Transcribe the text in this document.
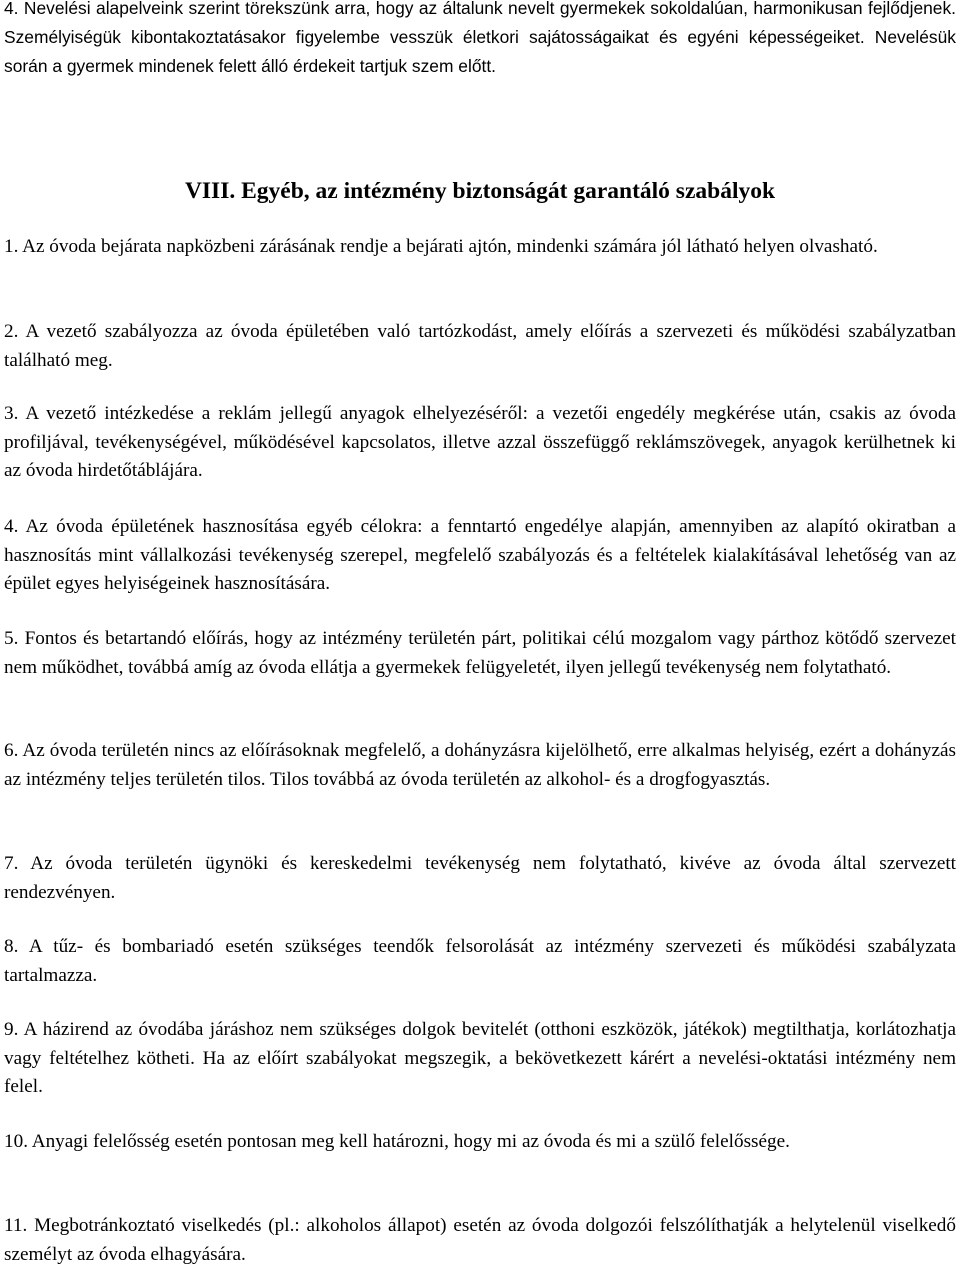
4. Nevelési alapelveink szerint törekszünk arra, hogy az általunk nevelt gyermekek sokoldalúan, harmonikusan fejlődjenek. Személyiségük kibontakoztatásakor figyelembe vesszük életkori sajátosságaikat és egyéni képességeiket. Nevelésük során a gyermek mindenek felett álló érdekeit tartjuk szem előtt.

VIII. Egyéb, az intézmény biztonságát garantáló szabályok

1. Az óvoda bejárata napközbeni zárásának rendje a bejárati ajtón, mindenki számára jól látható helyen olvasható.

2. A vezető szabályozza az óvoda épületében való tartózkodást, amely előírás a szervezeti és működési szabályzatban található meg.

3. A vezető intézkedése a reklám jellegű anyagok elhelyezéséről: a vezetői engedély megkérése után, csakis az óvoda profiljával, tevékenységével, működésével kapcsolatos, illetve azzal összefüggő reklámszövegek, anyagok kerülhetnek ki az óvoda hirdetőtáblájára.

4. Az óvoda épületének hasznosítása egyéb célokra: a fenntartó engedélye alapján, amennyiben az alapító okiratban a hasznosítás mint vállalkozási tevékenység szerepel, megfelelő szabályozás és a feltételek kialakításával lehetőség van az épület egyes helyiségeinek hasznosítására.

5. Fontos és betartandó előírás, hogy az intézmény területén párt, politikai célú mozgalom vagy párthoz kötődő szervezet nem működhet, továbbá amíg az óvoda ellátja a gyermekek felügyeletét, ilyen jellegű tevékenység nem folytatható.

6. Az óvoda területén nincs az előírásoknak megfelelő, a dohányzásra kijelölhető, erre alkalmas helyiség, ezért a dohányzás az intézmény teljes területén tilos. Tilos továbbá az óvoda területén az alkohol- és a drogfogyasztás.

7. Az óvoda területén ügynöki és kereskedelmi tevékenység nem folytatható, kivéve az óvoda által szervezett rendezvényen.

8. A tűz- és bombariadó esetén szükséges teendők felsorolását az intézmény szervezeti és működési szabályzata tartalmazza.

9. A házirend az óvodába járáshoz nem szükséges dolgok bevitelét (otthoni eszközök, játékok) megtilthatja, korlátozhatja vagy feltételhez kötheti. Ha az előírt szabályokat megszegik, a bekövetkezett kárért a nevelési-oktatási intézmény nem felel.

10. Anyagi felelősség esetén pontosan meg kell határozni, hogy mi az óvoda és mi a szülő felelőssége.

11. Megbotránkoztató viselkedés (pl.: alkoholos állapot) esetén az óvoda dolgozói felszólíthatják a helytelenül viselkedő személyt az óvoda elhagyására.
